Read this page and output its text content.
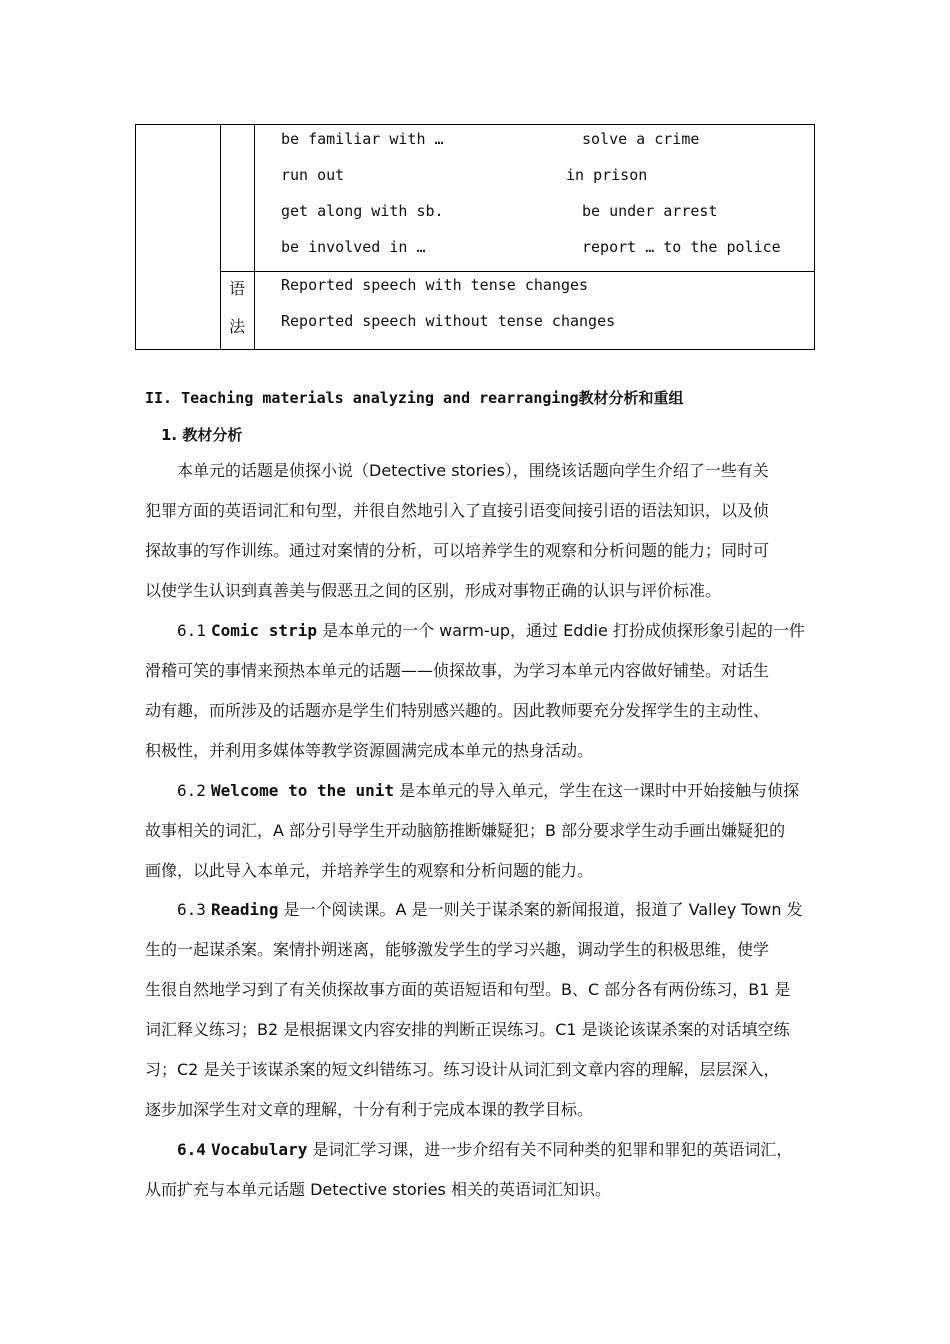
be familiar with …
run out
get along with sb.
be involved in …
solve a crime
in prison
be under arrest
report … to the police
语
法
Reported speech with tense changes
Reported speech without tense changes
II. Teaching materials analyzing and rearranging教材分析和重组
1. 教材分析
本单元的话题是侦探小说（Detective stories），围绕该话题向学生介绍了一些有关
犯罪方面的英语词汇和句型，并很自然地引入了直接引语变间接引语的语法知识，以及侦
探故事的写作训练。通过对案情的分析，可以培养学生的观察和分析问题的能力；同时可
以使学生认识到真善美与假恶丑之间的区别，形成对事物正确的认识与评价标准。
6.1 Comic strip 是本单元的一个 warm-up，通过 Eddie 打扮成侦探形象引起的一件
滑稽可笑的事情来预热本单元的话题——侦探故事，为学习本单元内容做好铺垫。对话生
动有趣，而所涉及的话题亦是学生们特别感兴趣的。因此教师要充分发挥学生的主动性、
积极性，并利用多媒体等教学资源圆满完成本单元的热身活动。
6.2 Welcome to the unit 是本单元的导入单元，学生在这一课时中开始接触与侦探
故事相关的词汇，A 部分引导学生开动脑筋推断嫌疑犯；B 部分要求学生动手画出嫌疑犯的
画像，以此导入本单元，并培养学生的观察和分析问题的能力。
6.3 Reading 是一个阅读课。A 是一则关于谋杀案的新闻报道，报道了 Valley Town 发
生的一起谋杀案。案情扑朔迷离，能够激发学生的学习兴趣，调动学生的积极思维，使学
生很自然地学习到了有关侦探故事方面的英语短语和句型。B、C 部分各有两份练习，B1 是
词汇释义练习；B2 是根据课文内容安排的判断正误练习。C1 是谈论该谋杀案的对话填空练
习；C2 是关于该谋杀案的短文纠错练习。练习设计从词汇到文章内容的理解，层层深入，
逐步加深学生对文章的理解，十分有利于完成本课的教学目标。
6.4 Vocabulary 是词汇学习课，进一步介绍有关不同种类的犯罪和罪犯的英语词汇，
从而扩充与本单元话题 Detective stories 相关的英语词汇知识。
